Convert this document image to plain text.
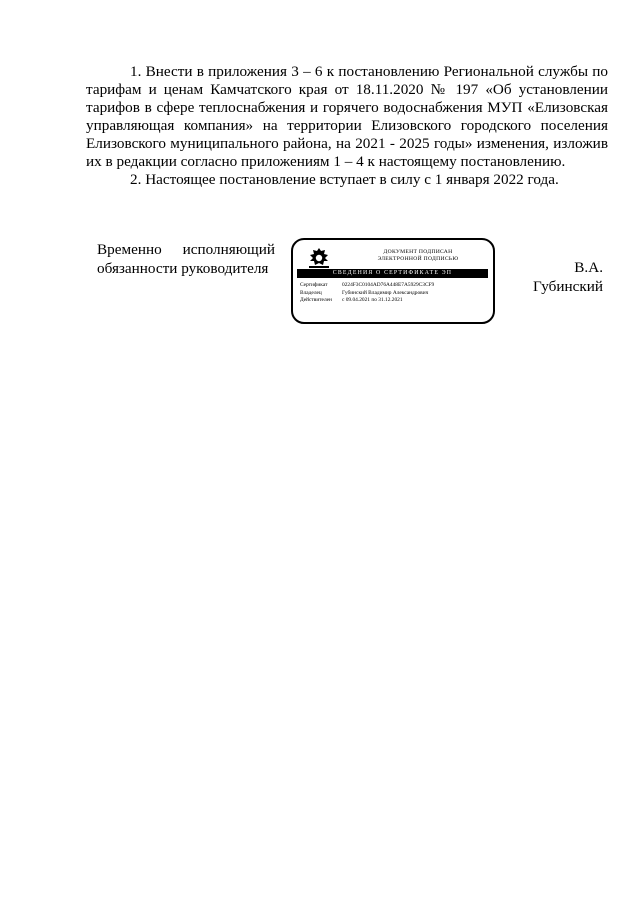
1. Внести в приложения 3 – 6 к постановлению Региональной службы по тарифам и ценам Камчатского края от 18.11.2020 № 197 «Об установлении тарифов в сфере теплоснабжения и горячего водоснабжения МУП «Елизовская управляющая компания» на территории Елизовского городского поселения Елизовского муниципального района, на 2021 - 2025 годы» изменения, изложив их в редакции согласно приложениям 1 – 4 к настоящему постановлению.

2. Настоящее постановление вступает в силу с 1 января 2022 года.

Временно исполняющий
обязанности руководителя
ДОКУМЕНТ ПОДПИСАН
ЭЛЕКТРОННОЙ ПОДПИСЬЮ
СВЕДЕНИЯ О СЕРТИФИКАТЕ ЭП
Сертификат	0224F3C0104AD76A448E7A5929C3CF9
Владелец	Губинский Владимир Александрович
Действителен	с 09.04.2021 по 31.12.2021
В.А.
Губинский
